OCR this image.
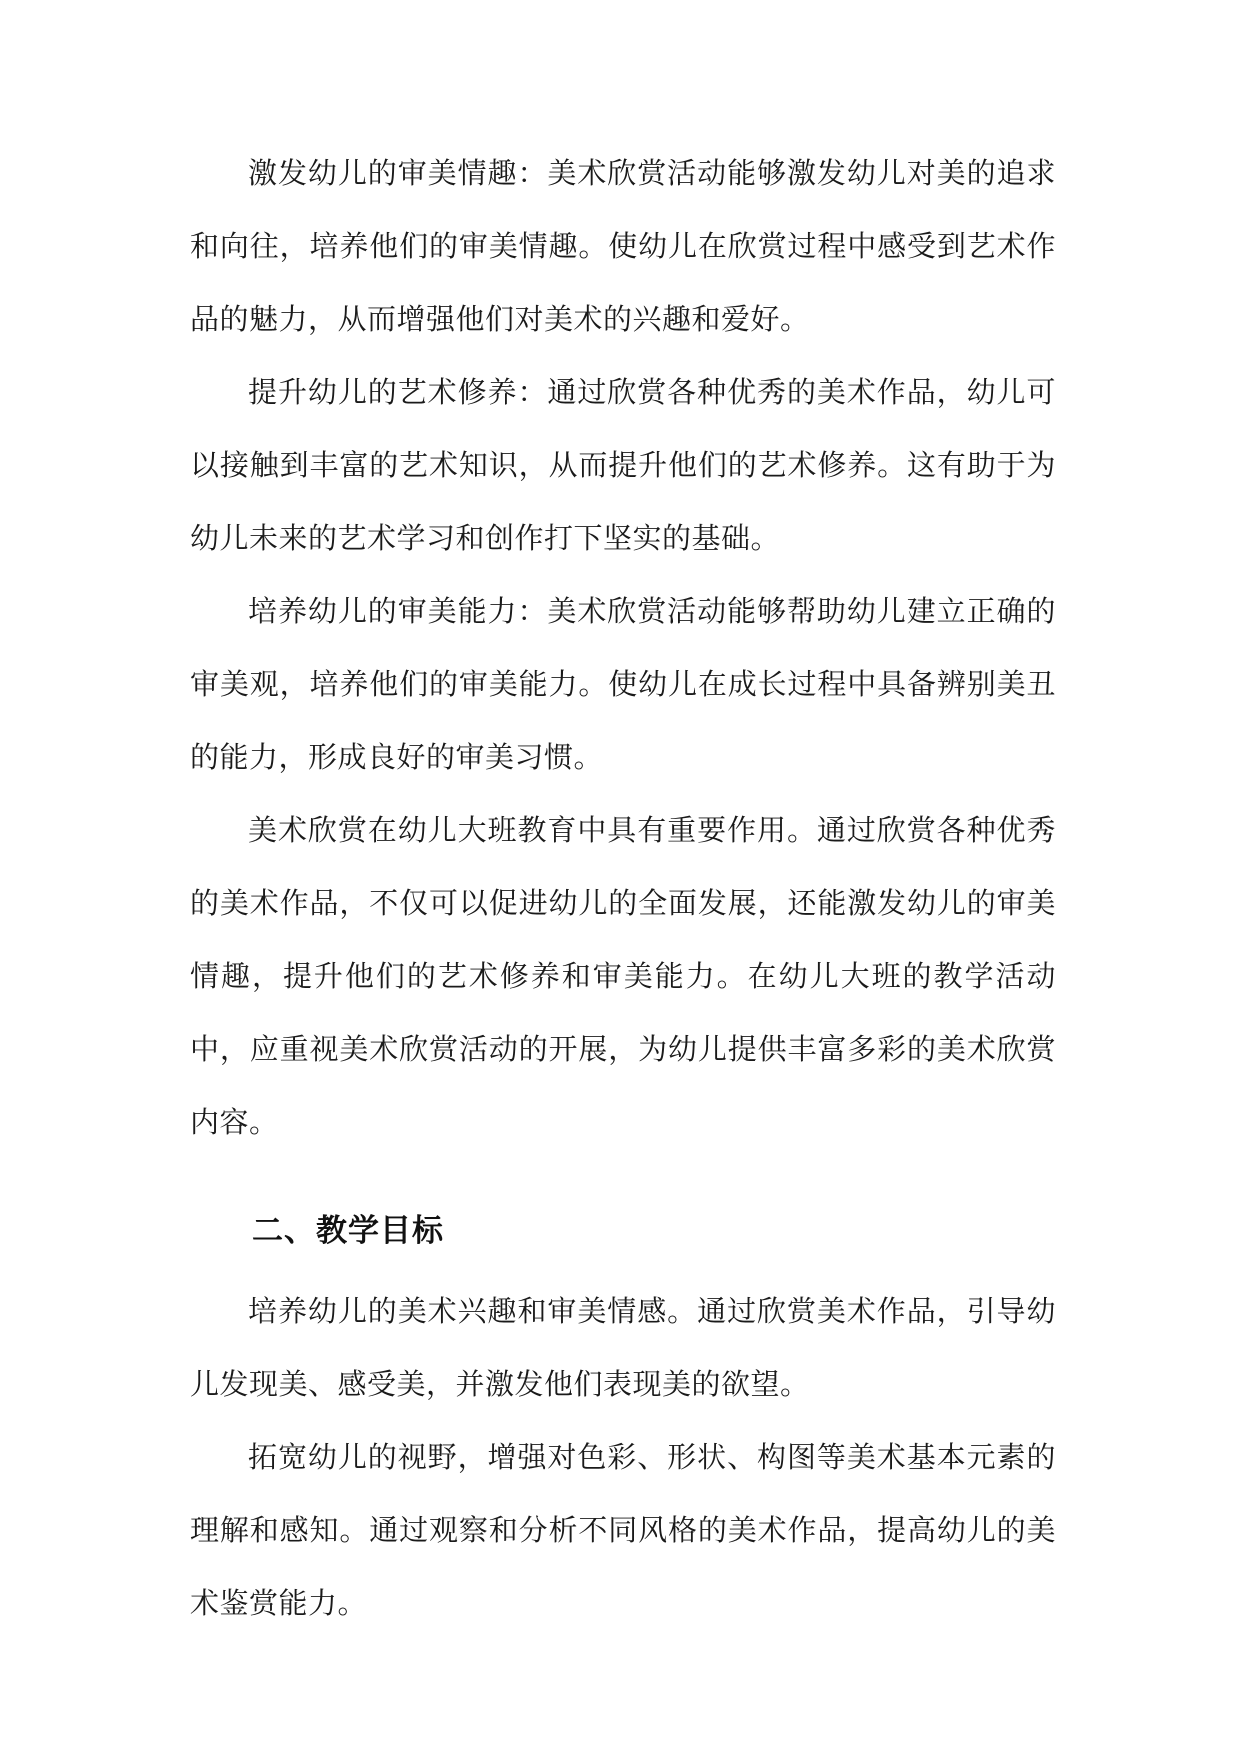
激发幼儿的审美情趣：美术欣赏活动能够激发幼儿对美的追求和向往，培养他们的审美情趣。使幼儿在欣赏过程中感受到艺术作品的魅力，从而增强他们对美术的兴趣和爱好。

提升幼儿的艺术修养：通过欣赏各种优秀的美术作品，幼儿可以接触到丰富的艺术知识，从而提升他们的艺术修养。这有助于为幼儿未来的艺术学习和创作打下坚实的基础。

培养幼儿的审美能力：美术欣赏活动能够帮助幼儿建立正确的审美观，培养他们的审美能力。使幼儿在成长过程中具备辨别美丑的能力，形成良好的审美习惯。

美术欣赏在幼儿大班教育中具有重要作用。通过欣赏各种优秀的美术作品，不仅可以促进幼儿的全面发展，还能激发幼儿的审美情趣，提升他们的艺术修养和审美能力。在幼儿大班的教学活动中，应重视美术欣赏活动的开展，为幼儿提供丰富多彩的美术欣赏内容。

二、教学目标

培养幼儿的美术兴趣和审美情感。通过欣赏美术作品，引导幼儿发现美、感受美，并激发他们表现美的欲望。

拓宽幼儿的视野，增强对色彩、形状、构图等美术基本元素的理解和感知。通过观察和分析不同风格的美术作品，提高幼儿的美术鉴赏能力。
